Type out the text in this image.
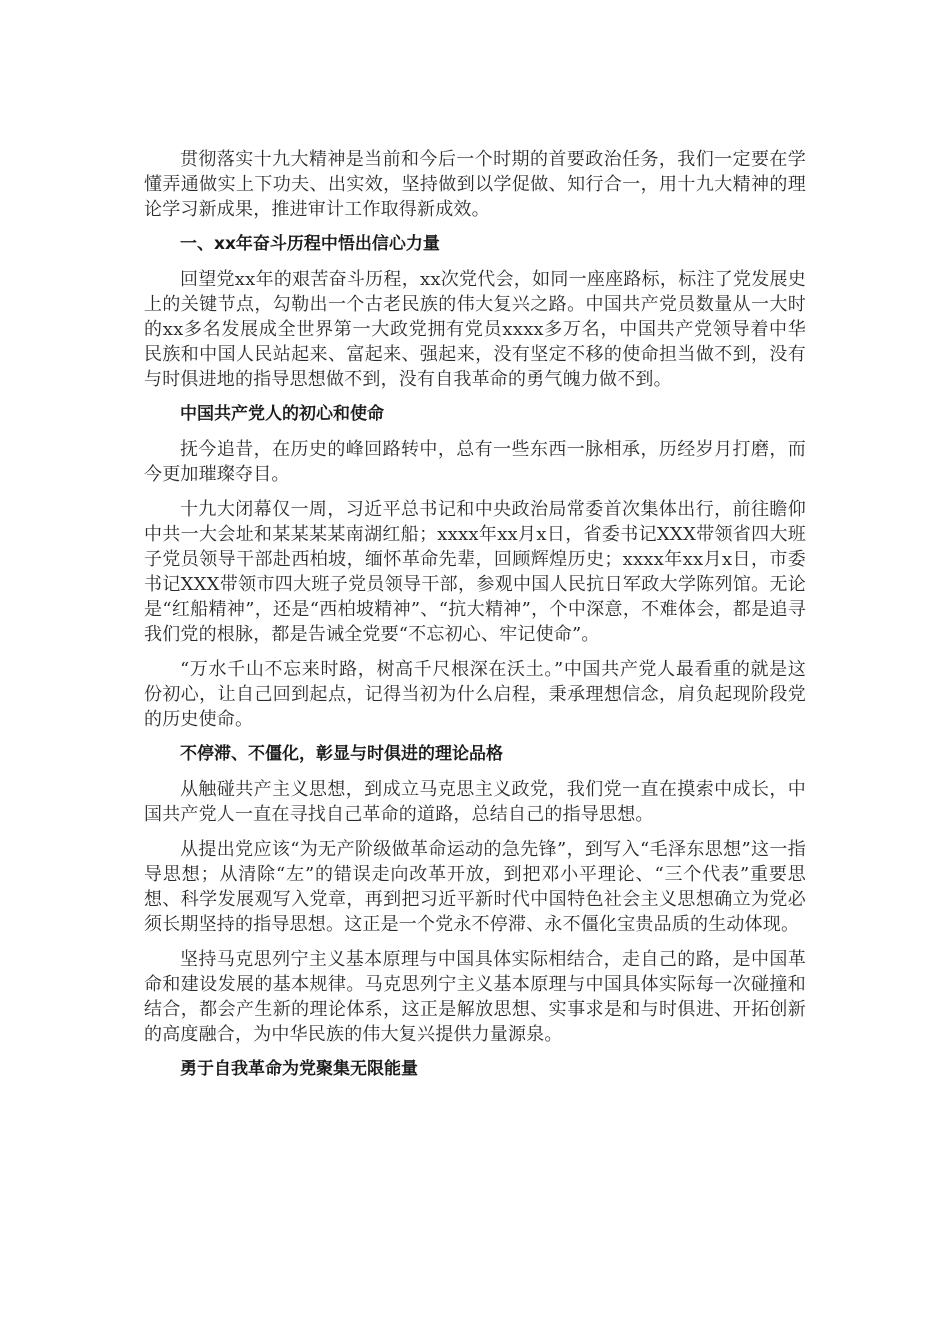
贯彻落实十九大精神是当前和今后一个时期的首要政治任务，我们一定要在学懂弄通做实上下功夫、出实效，坚持做到以学促做、知行合一，用十九大精神的理论学习新成果，推进审计工作取得新成效。

一、xx年奋斗历程中悟出信心力量

回望党xx年的艰苦奋斗历程，xx次党代会，如同一座座路标，标注了党发展史上的关键节点，勾勒出一个古老民族的伟大复兴之路。中国共产党员数量从一大时的xx多名发展成全世界第一大政党拥有党员xxxx多万名，中国共产党领导着中华民族和中国人民站起来、富起来、强起来，没有坚定不移的使命担当做不到，没有与时俱进地的指导思想做不到，没有自我革命的勇气魄力做不到。

中国共产党人的初心和使命

抚今追昔，在历史的峰回路转中，总有一些东西一脉相承，历经岁月打磨，而今更加璀璨夺目。

十九大闭幕仅一周，习近平总书记和中央政治局常委首次集体出行，前往瞻仰中共一大会址和某某某某南湖红船；xxxx年xx月x日，省委书记XXX带领省四大班子党员领导干部赴西柏坡，缅怀革命先辈，回顾辉煌历史；xxxx年xx月x日，市委书记XXX带领市四大班子党员领导干部，参观中国人民抗日军政大学陈列馆。无论是“红船精神”，还是“西柏坡精神”、“抗大精神”，个中深意，不难体会，都是追寻我们党的根脉，都是告诫全党要“不忘初心、牢记使命”。

“万水千山不忘来时路，树高千尺根深在沃土。”中国共产党人最看重的就是这份初心，让自己回到起点，记得当初为什么启程，秉承理想信念，肩负起现阶段党的历史使命。

不停滞、不僵化，彰显与时俱进的理论品格

从触碰共产主义思想，到成立马克思主义政党，我们党一直在摸索中成长，中国共产党人一直在寻找自己革命的道路，总结自己的指导思想。

从提出党应该“为无产阶级做革命运动的急先锋”，到写入“毛泽东思想”这一指导思想；从清除“左”的错误走向改革开放，到把邓小平理论、“三个代表”重要思想、科学发展观写入党章，再到把习近平新时代中国特色社会主义思想确立为党必须长期坚持的指导思想。这正是一个党永不停滞、永不僵化宝贵品质的生动体现。

坚持马克思列宁主义基本原理与中国具体实际相结合，走自己的路，是中国革命和建设发展的基本规律。马克思列宁主义基本原理与中国具体实际每一次碰撞和结合，都会产生新的理论体系，这正是解放思想、实事求是和与时俱进、开拓创新的高度融合，为中华民族的伟大复兴提供力量源泉。

勇于自我革命为党聚集无限能量
